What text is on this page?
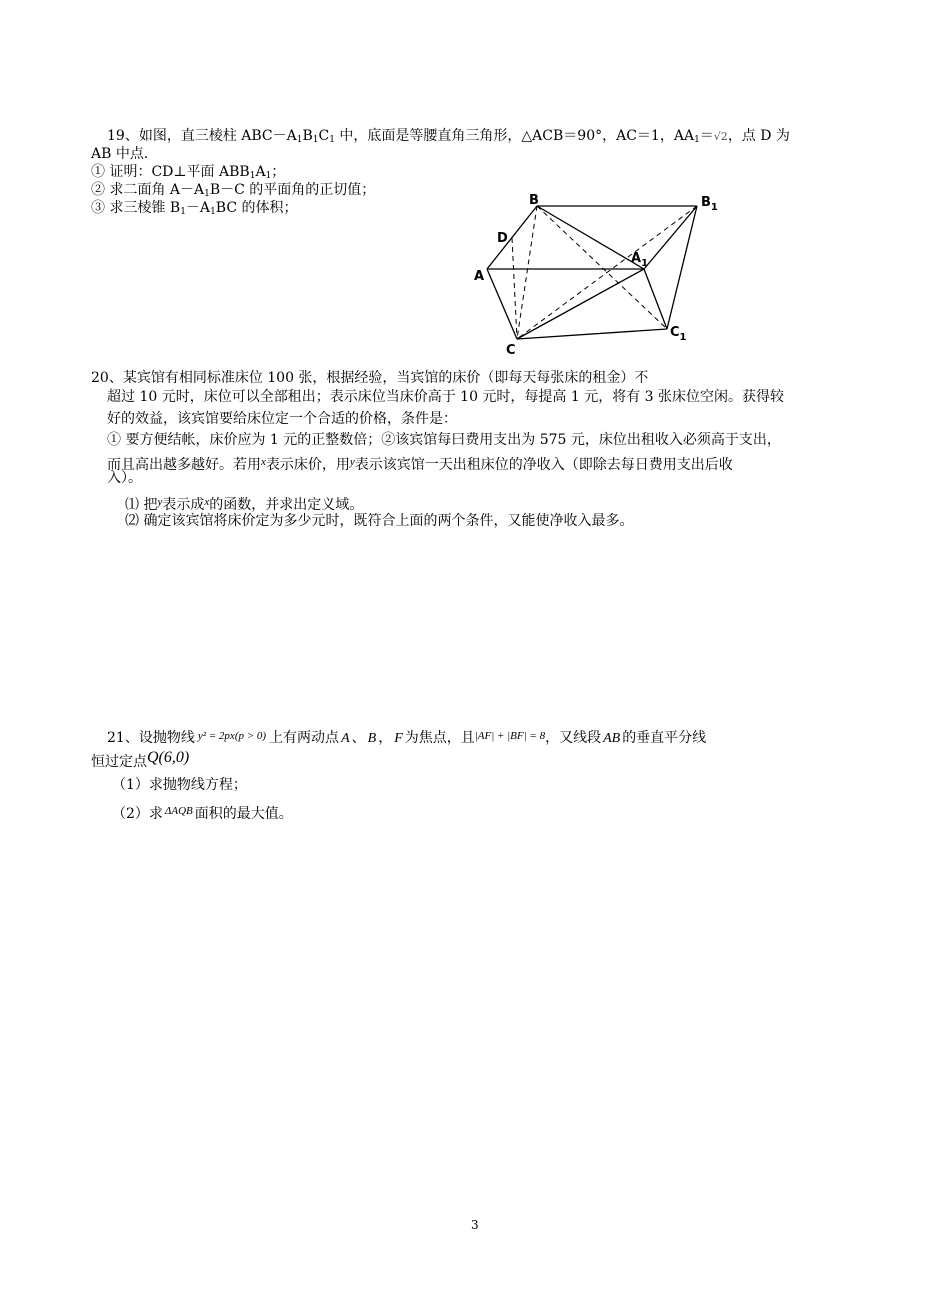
19、如图，直三棱柱 $ABC-A_1B_1C_1$ 中，底面是等腰直角三角形，△ACB＝90°，AC＝1，$AA_1=√2$，点 D 为
AB 中点.
① 证明：CD⊥平面 $ABB_1A_1$；
② 求二面角 $A-A_1B-C$ 的平面角的正切值；
③ 求三棱锥 $B_1-A_1BC$ 的体积；	B	$B_1$
D
A
$A_1$
C
$C_1$
20、某宾馆有相同标准床位 100 张，根据经验，当宾馆的床价（即每天每张床的租金）不
超过 10 元时，床位可以全部租出；表示床位当床价高于 10 元时，每提高 1 元，将有 3 张床位空闲。获得较
好的效益，该宾馆要给床位定一个合适的价格，条件是：
① 要方便结帐，床价应为 1 元的正整数倍；②该宾馆每曰费用支出为 575 元，床位出租收入必须高于支出，
而且高出越多越好。若用$^x$表示床价，用$^y$表示该宾馆一天出租床位的净收入（即除去每日费用支出后收
入）。
⑴ 把$^y$表示成$^x$的函数，并求出定义域。
⑵ 确定该宾馆将床价定为多少元时，既符合上面的两个条件，又能使净收入最多。
21、设抛物线 $^{y^2 = 2px(p > 0)}$ 上有两动点 A 、 B ， F 为焦点，且$^{|AF| + |BF| = 8}$，又线段 AB 的垂直平分线
恒过定点Q(6,0)
（1）求抛物线方程；
（2）求 $^{\Delta AQB}$ 面积的最大值。
3
